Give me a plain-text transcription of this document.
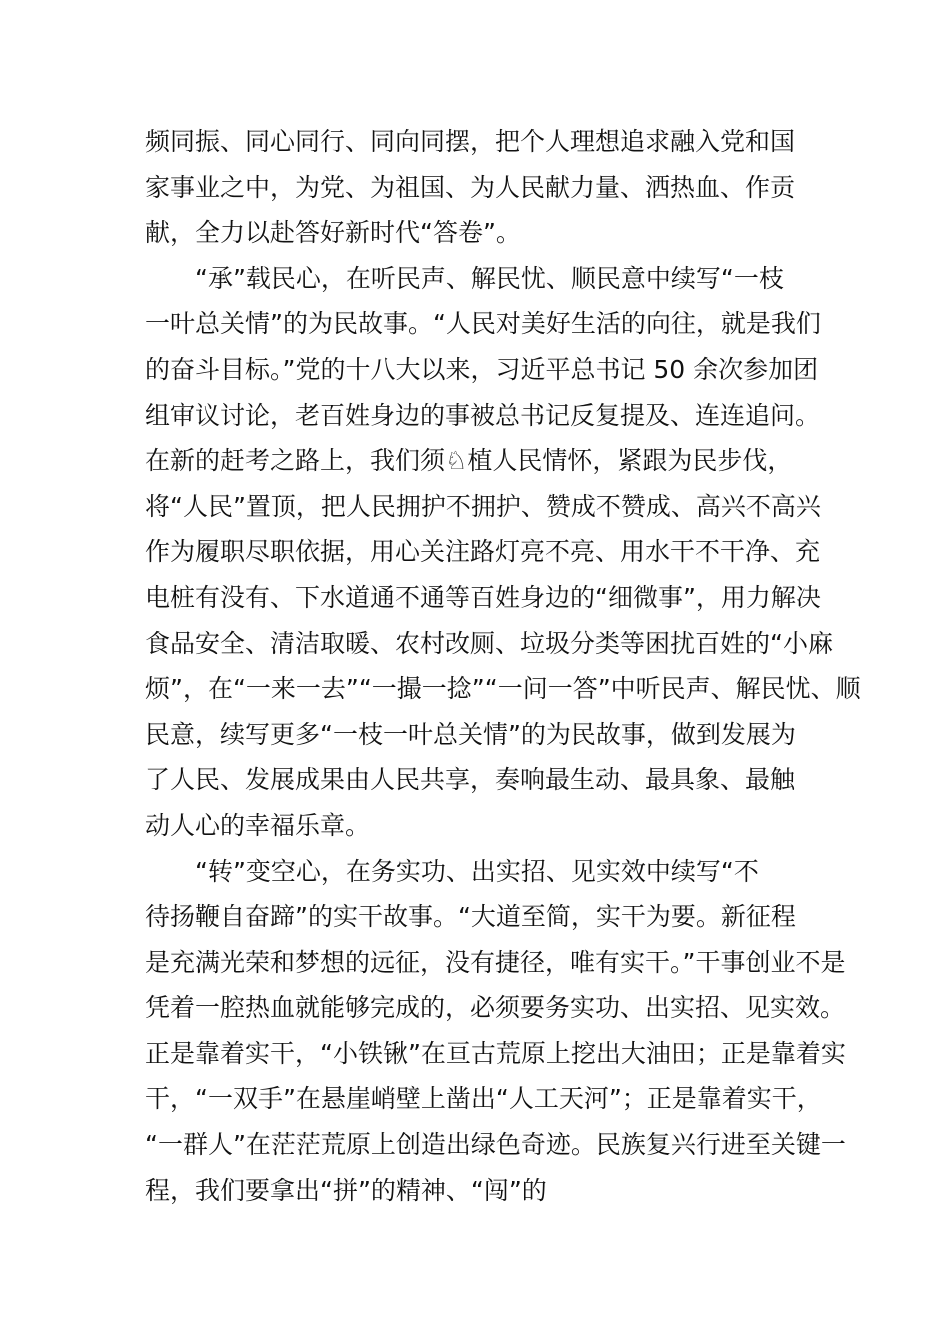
频同振、同心同行、同向同摆，把个人理想追求融入党和国
家事业之中，为党、为祖国、为人民献力量、洒热血、作贡
献，全力以赴答好新时代“答卷”。
“承”载民心，在听民声、解民忧、顺民意中续写“一枝
一叶总关情”的为民故事。“人民对美好生活的向往，就是我们
的奋斗目标。”党的十八大以来，习近平总书记 50 余次参加团
组审议讨论，老百姓身边的事被总书记反复提及、连连追问。
在新的赶考之路上，我们须♘植人民情怀，紧跟为民步伐，
将“人民”置顶，把人民拥护不拥护、赞成不赞成、高兴不高兴
作为履职尽职依据，用心关注路灯亮不亮、用水干不干净、充
电桩有没有、下水道通不通等百姓身边的“细微事”，用力解决
食品安全、清洁取暖、农村改厕、垃圾分类等困扰百姓的“小麻
烦”，在“一来一去”“一撮一捻”“一问一答”中听民声、解民忧、顺
民意，续写更多“一枝一叶总关情”的为民故事，做到发展为
了人民、发展成果由人民共享，奏响最生动、最具象、最触
动人心的幸福乐章。
“转”变空心，在务实功、出实招、见实效中续写“不
待扬鞭自奋蹄”的实干故事。“大道至简，实干为要。新征程
是充满光荣和梦想的远征，没有捷径，唯有实干。”干事创业不是
凭着一腔热血就能够完成的，必须要务实功、出实招、见实效。
正是靠着实干，“小铁锹”在亘古荒原上挖出大油田；正是靠着实
干，“一双手”在悬崖峭壁上凿出“人工天河”；正是靠着实干，
“一群人”在茫茫荒原上创造出绿色奇迹。民族复兴行进至关键一
程，我们要拿出“拼”的精神、“闯”的
